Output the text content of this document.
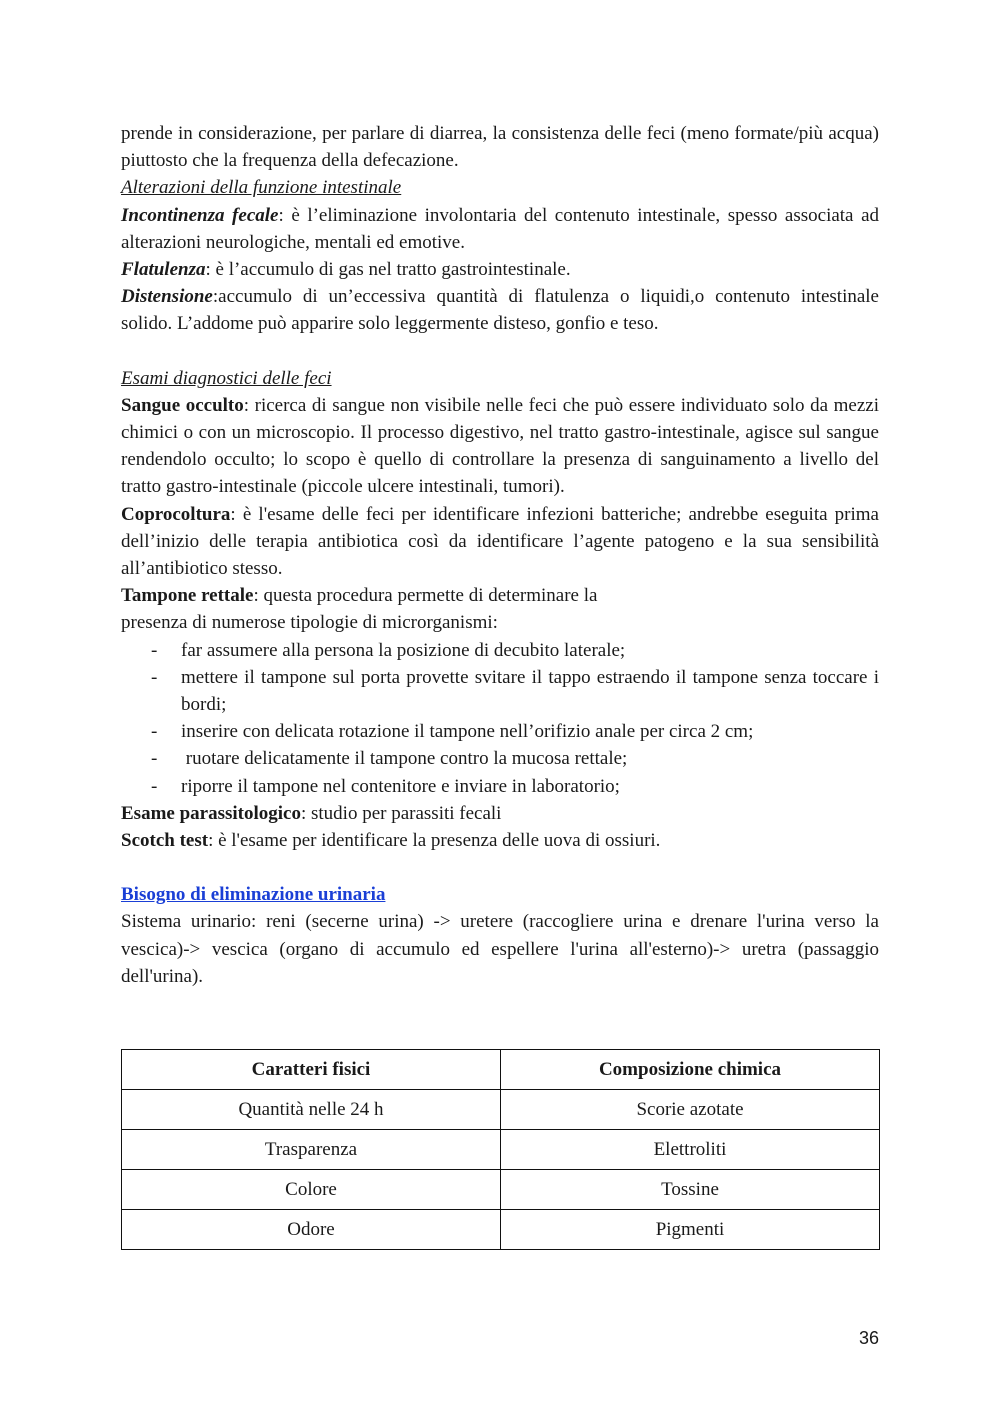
prende in considerazione, per parlare di diarrea, la consistenza delle feci (meno formate/più acqua) piuttosto che la frequenza della defecazione.

Alterazioni della funzione intestinale

Incontinenza fecale: è l’eliminazione involontaria del contenuto intestinale, spesso associata ad alterazioni neurologiche, mentali ed emotive.

Flatulenza: è l’accumulo di gas nel tratto gastrointestinale.

Distensione:accumulo di un’eccessiva quantità di flatulenza o liquidi,o contenuto intestinale solido. L’addome può apparire solo leggermente disteso, gonfio e teso.

Esami diagnostici delle feci

Sangue occulto: ricerca di sangue non visibile nelle feci che può essere individuato solo da mezzi chimici o con un microscopio. Il processo digestivo, nel tratto gastro-intestinale, agisce sul sangue rendendolo occulto; lo scopo è quello di controllare la presenza di sanguinamento a livello del tratto gastro-intestinale (piccole ulcere intestinali, tumori).

Coprocoltura: è l'esame delle feci per identificare infezioni batteriche; andrebbe eseguita prima dell’inizio delle terapia antibiotica così da identificare l’agente patogeno e la sua sensibilità all’antibiotico stesso.

Tampone rettale: questa procedura permette di determinare la

presenza di numerose tipologie di microrganismi:

- far assumere alla persona la posizione di decubito laterale;
- mettere il tampone sul porta provette svitare il tappo estraendo il tampone senza toccare i bordi;
- inserire con delicata rotazione il tampone nell’orifizio anale per circa 2 cm;
- ruotare delicatamente il tampone contro la mucosa rettale;
- riporre il tampone nel contenitore e inviare in laboratorio;

Esame parassitologico: studio per parassiti fecali

Scotch test: è l'esame per identificare la presenza delle uova di ossiuri.

Bisogno di eliminazione urinaria

Sistema urinario: reni (secerne urina) -> uretere (raccogliere urina e drenare l'urina verso la vescica)-> vescica (organo di accumulo ed espellere l'urina all'esterno)-> uretra (passaggio dell'urina).

Caratteri fisici	Composizione chimica
Quantità nelle 24 h	Scorie azotate
Trasparenza	Elettroliti
Colore	Tossine
Odore	Pigmenti
36
